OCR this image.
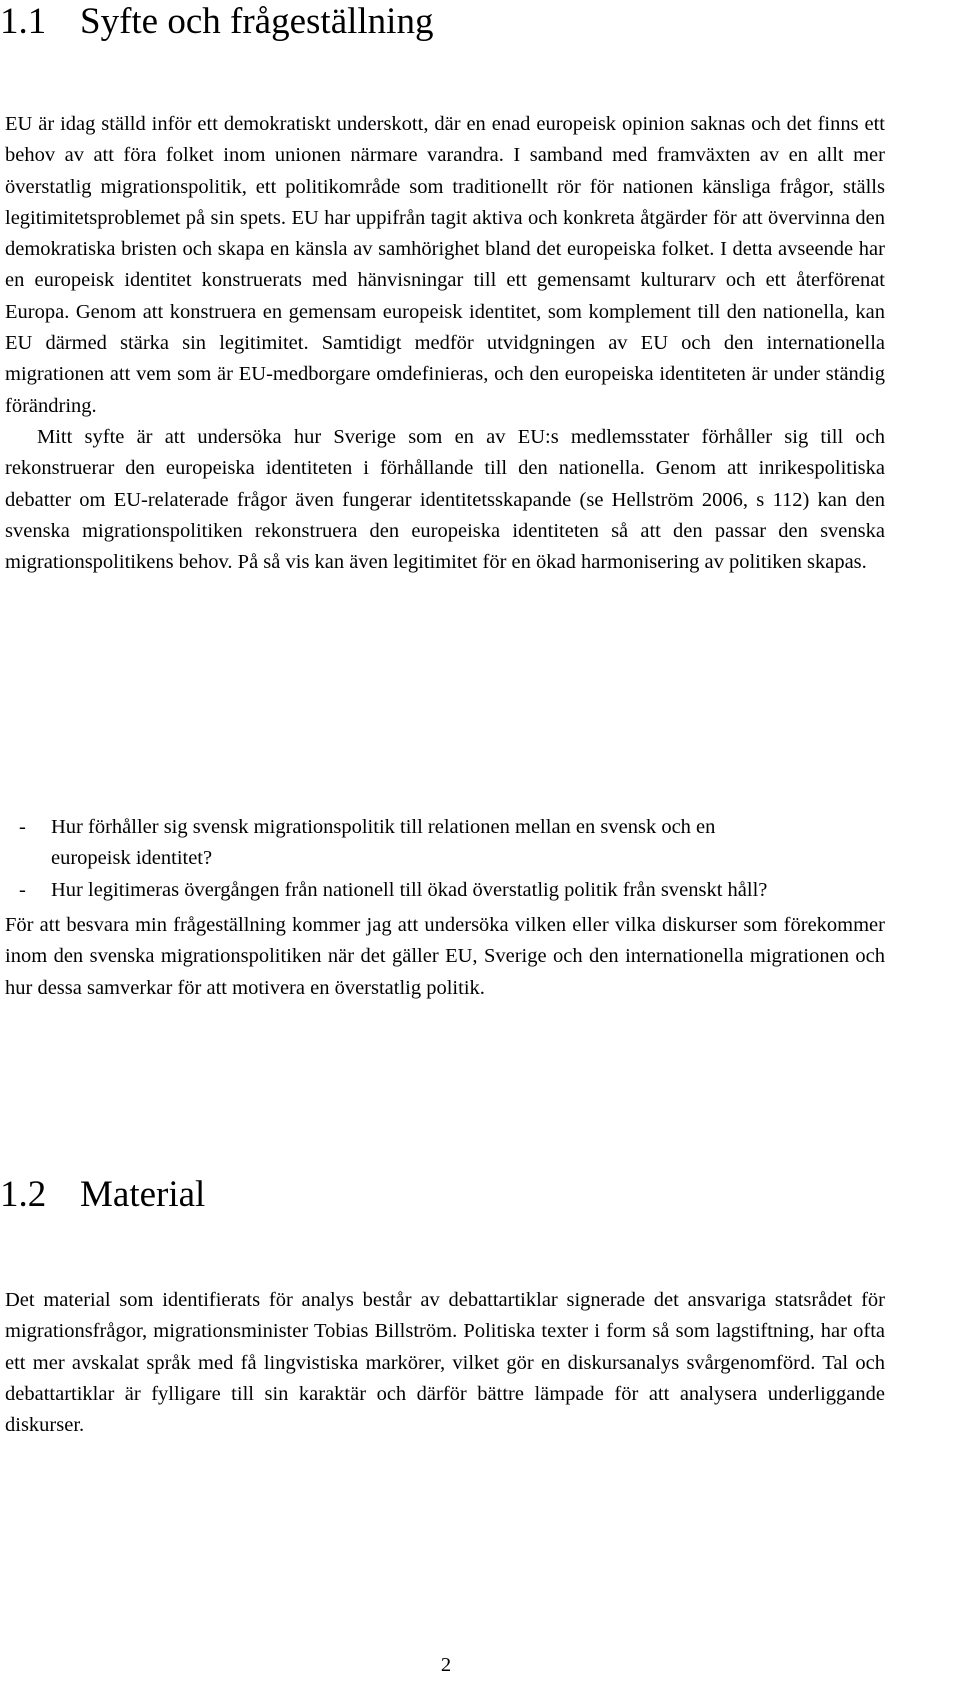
1.1 Syfte och frågeställning

EU är idag ställd inför ett demokratiskt underskott, där en enad europeisk opinion saknas och det finns ett behov av att föra folket inom unionen närmare varandra. I samband med framväxten av en allt mer överstatlig migrationspolitik, ett politikområde som traditionellt rör för nationen känsliga frågor, ställs legitimitetsproblemet på sin spets. EU har uppifrån tagit aktiva och konkreta åtgärder för att övervinna den demokratiska bristen och skapa en känsla av samhörighet bland det europeiska folket. I detta avseende har en europeisk identitet konstruerats med hänvisningar till ett gemensamt kulturarv och ett återförenat Europa. Genom att konstruera en gemensam europeisk identitet, som komplement till den nationella, kan EU därmed stärka sin legitimitet. Samtidigt medför utvidgningen av EU och den internationella migrationen att vem som är EU-medborgare omdefinieras, och den europeiska identiteten är under ständig förändring.

Mitt syfte är att undersöka hur Sverige som en av EU:s medlemsstater förhåller sig till och rekonstruerar den europeiska identiteten i förhållande till den nationella. Genom att inrikespolitiska debatter om EU-relaterade frågor även fungerar identitetsskapande (se Hellström 2006, s 112) kan den svenska migrationspolitiken rekonstruera den europeiska identiteten så att den passar den svenska migrationspolitikens behov. På så vis kan även legitimitet för en ökad harmonisering av politiken skapas.

- Hur förhåller sig svensk migrationspolitik till relationen mellan en svensk och en europeisk identitet?
- Hur legitimeras övergången från nationell till ökad överstatlig politik från svenskt håll?

För att besvara min frågeställning kommer jag att undersöka vilken eller vilka diskurser som förekommer inom den svenska migrationspolitiken när det gäller EU, Sverige och den internationella migrationen och hur dessa samverkar för att motivera en överstatlig politik.

1.2 Material

Det material som identifierats för analys består av debattartiklar signerade det ansvariga statsrådet för migrationsfrågor, migrationsminister Tobias Billström. Politiska texter i form så som lagstiftning, har ofta ett mer avskalat språk med få lingvistiska markörer, vilket gör en diskursanalys svårgenomförd. Tal och debattartiklar är fylligare till sin karaktär och därför bättre lämpade för att analysera underliggande diskurser.

2
